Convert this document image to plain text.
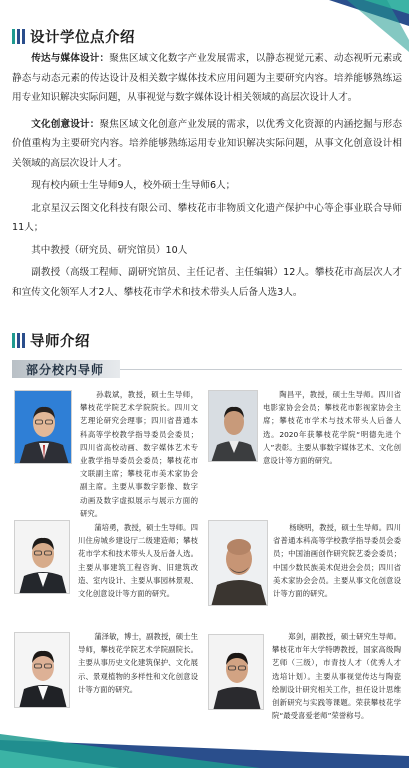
设计学位点介绍

传达与媒体设计：聚焦区域文化数字产业发展需求，以静态视觉元素、动态视听元素或静态与动态元素的传达设计及相关数字媒体技术应用问题为主要研究内容。培养能够熟练运用专业知识解决实际问题，从事视觉与数字媒体设计相关领域的高层次设计人才。

文化创意设计：聚焦区域文化创意产业发展的需求，以优秀文化资源的内涵挖掘与形态价值重构为主要研究内容。培养能够熟练运用专业知识解决实际问题，从事文化创意设计相关领域的高层次设计人才。

现有校内硕士生导师9人，校外硕士生导师6人；

北京星汉云图文化科技有限公司、攀枝花市非物质文化遗产保护中心等企事业联合导师11人；

其中教授（研究员、研究馆员）10人

副教授（高级工程师、副研究馆员、主任记者、主任编辑）12人。攀枝花市高层次人才和宣传文化领军人才2人、攀枝花市学术和技术带头人后备人选3人。

导师介绍
部分校内导师

孙载斌，教授，硕士生导师，攀枝花学院艺术学院院长。四川文艺理论研究会理事；四川省普通本科高等学校教学指导委员会委员；四川省高校动画、数字媒体艺术专业教学指导委员会委员；攀枝花市文联副主席；攀枝花市美术家协会副主席。主要从事数字影像、数字动画及数字虚拟展示与展示方面的研究。

陶昌平，教授，硕士生导师。四川省电影家协会会员；攀枝花市影视家协会主席；攀枝花市学术与技术带头人后备人选。2020年获攀枝花学院“明德先进个人”表彰。主要从事数字媒体艺术、文化创意设计等方面的研究。

蒲培勇，教授，硕士生导师。四川住房城乡建设厅二级建造师；攀枝花市学术和技术带头人及后备人选。主要从事建筑工程咨询、旧建筑改造、室内设计、主要从事园林景观、文化创意设计等方面的研究。

杨晓明，教授，硕士生导师。四川省普通本科高等学校教学指导委员会委员；中国油画创作研究院艺委会委员；中国少数民族美术促进会会员；四川省美术家协会会员。主要从事文化创意设计等方面的研究。

蒲泽敏，博士，副教授，硕士生导师，攀枝花学院艺术学院副院长。主要从事历史文化建筑保护、文化展示、景观植物的多样性和文化创意设计等方面的研究。

郑剑，副教授，硕士研究生导师。攀枝花市年大学特聘教授，国家高级陶艺师（三级），市青技人才（优秀人才选培计划）。主要从事视觉传达与陶瓷绘制设计研究相关工作，担任设计思维创新研究与实践等课题。荣获攀枝花学院“最受喜爱老师”荣誉称号。
